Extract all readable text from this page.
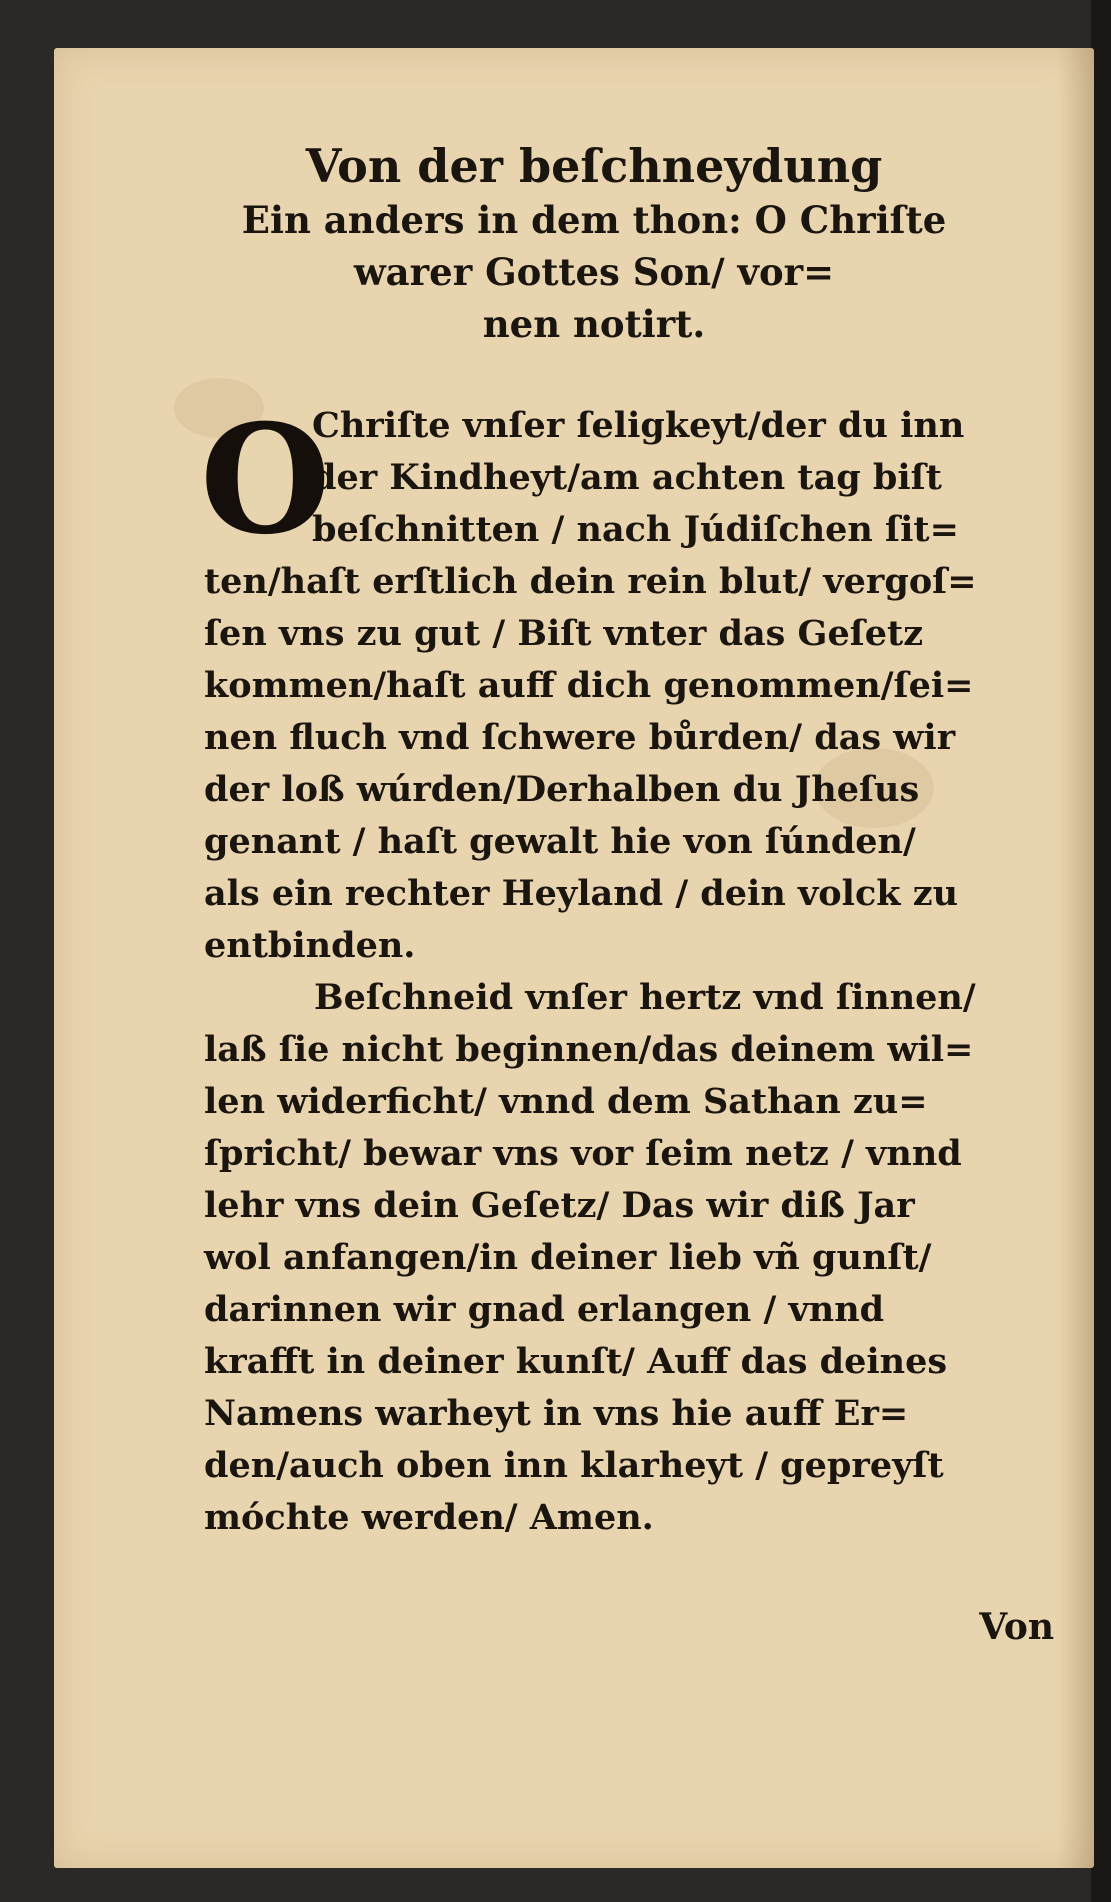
Von der beſchneydung
Ein anders in dem thon: O Chriſte
warer Gottes Son/ vor=
nen notirt.
O
Chriſte vnſer ſeligkeyt/der du inn
der Kindheyt/am achten tag biſt
beſchnitten / nach Júdiſchen ſit=
ten/haſt erſtlich dein rein blut/ vergoſ=
ſen vns zu gut / Biſt vnter das Geſetz
kommen/haſt auff dich genommen/ſei=
nen fluch vnd ſchwere bůrden/ das wir
der loß wúrden/Derhalben du Jheſus
genant / haſt gewalt hie von ſúnden/
als ein rechter Heyland / dein volck zu
entbinden.
Beſchneid vnſer hertz vnd ſinnen/
laß ſie nicht beginnen/das deinem wil=
len widerficht/ vnnd dem Sathan zu=
ſpricht/ bewar vns vor ſeim netz / vnnd
lehr vns dein Geſetz/ Das wir diß Jar
wol anfangen/in deiner lieb vñ gunſt/
darinnen wir gnad erlangen / vnnd
krafft in deiner kunſt/ Auff das deines
Namens warheyt in vns hie auff Er=
den/auch oben inn klarheyt / gepreyſt
móchte werden/ Amen.
Von
